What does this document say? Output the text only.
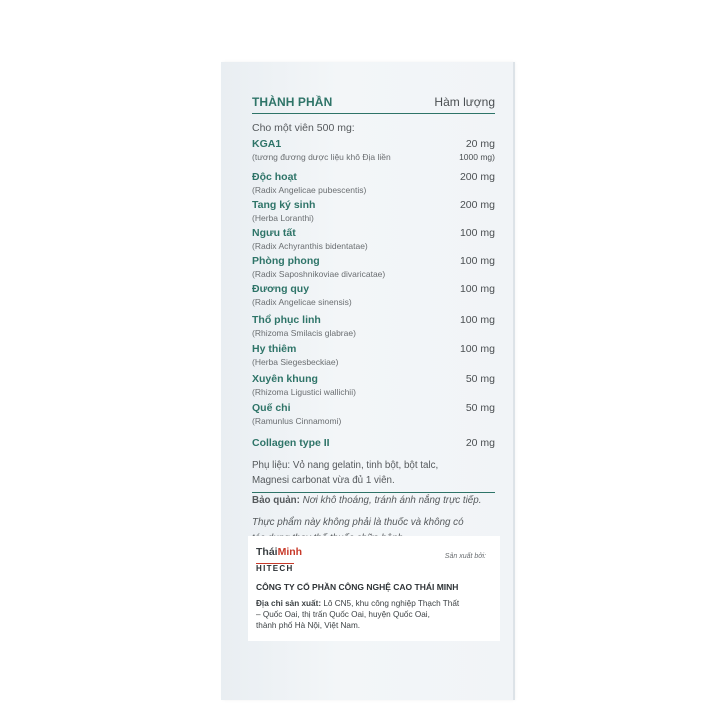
THÀNH PHẦN	Hàm lượng
Cho một viên 500 mg:
KGA1
(tương đương dược liệu khô Địa liền
20 mg
1000 mg)
Độc hoạt
(Radix Angelicae pubescentis)
200 mg
Tang ký sinh
(Herba Loranthi)
200 mg
Ngưu tất
(Radix Achyranthis bidentatae)
100 mg
Phòng phong
(Radix Saposhnikoviae divaricatae)
100 mg
Đương quy
(Radix Angelicae sinensis)
100 mg
Thổ phục linh
(Rhizoma Smilacis glabrae)
100 mg
Hy thiêm
(Herba Siegesbeckiae)
100 mg
Xuyên khung
(Rhizoma Ligustici wallichii)
50 mg
Quế chi
(Ramunlus Cinnamomi)
50 mg
Collagen type II	20 mg
Phụ liệu: Vỏ nang gelatin, tinh bột, bột talc,
Magnesi carbonat vừa đủ 1 viên.
Bảo quản: Nơi khô thoáng, tránh ánh nắng trực tiếp.
Thực phẩm này không phải là thuốc và không có
TháiMinh
HITECH
Sản xuất bởi:
CÔNG TY CỔ PHẦN CÔNG NGHỆ CAO THÁI MINH
Địa chỉ sản xuất: Lô CN5, khu công nghiệp Thạch Thất
– Quốc Oai, thị trấn Quốc Oai, huyện Quốc Oai,
thành phố Hà Nội, Việt Nam.
